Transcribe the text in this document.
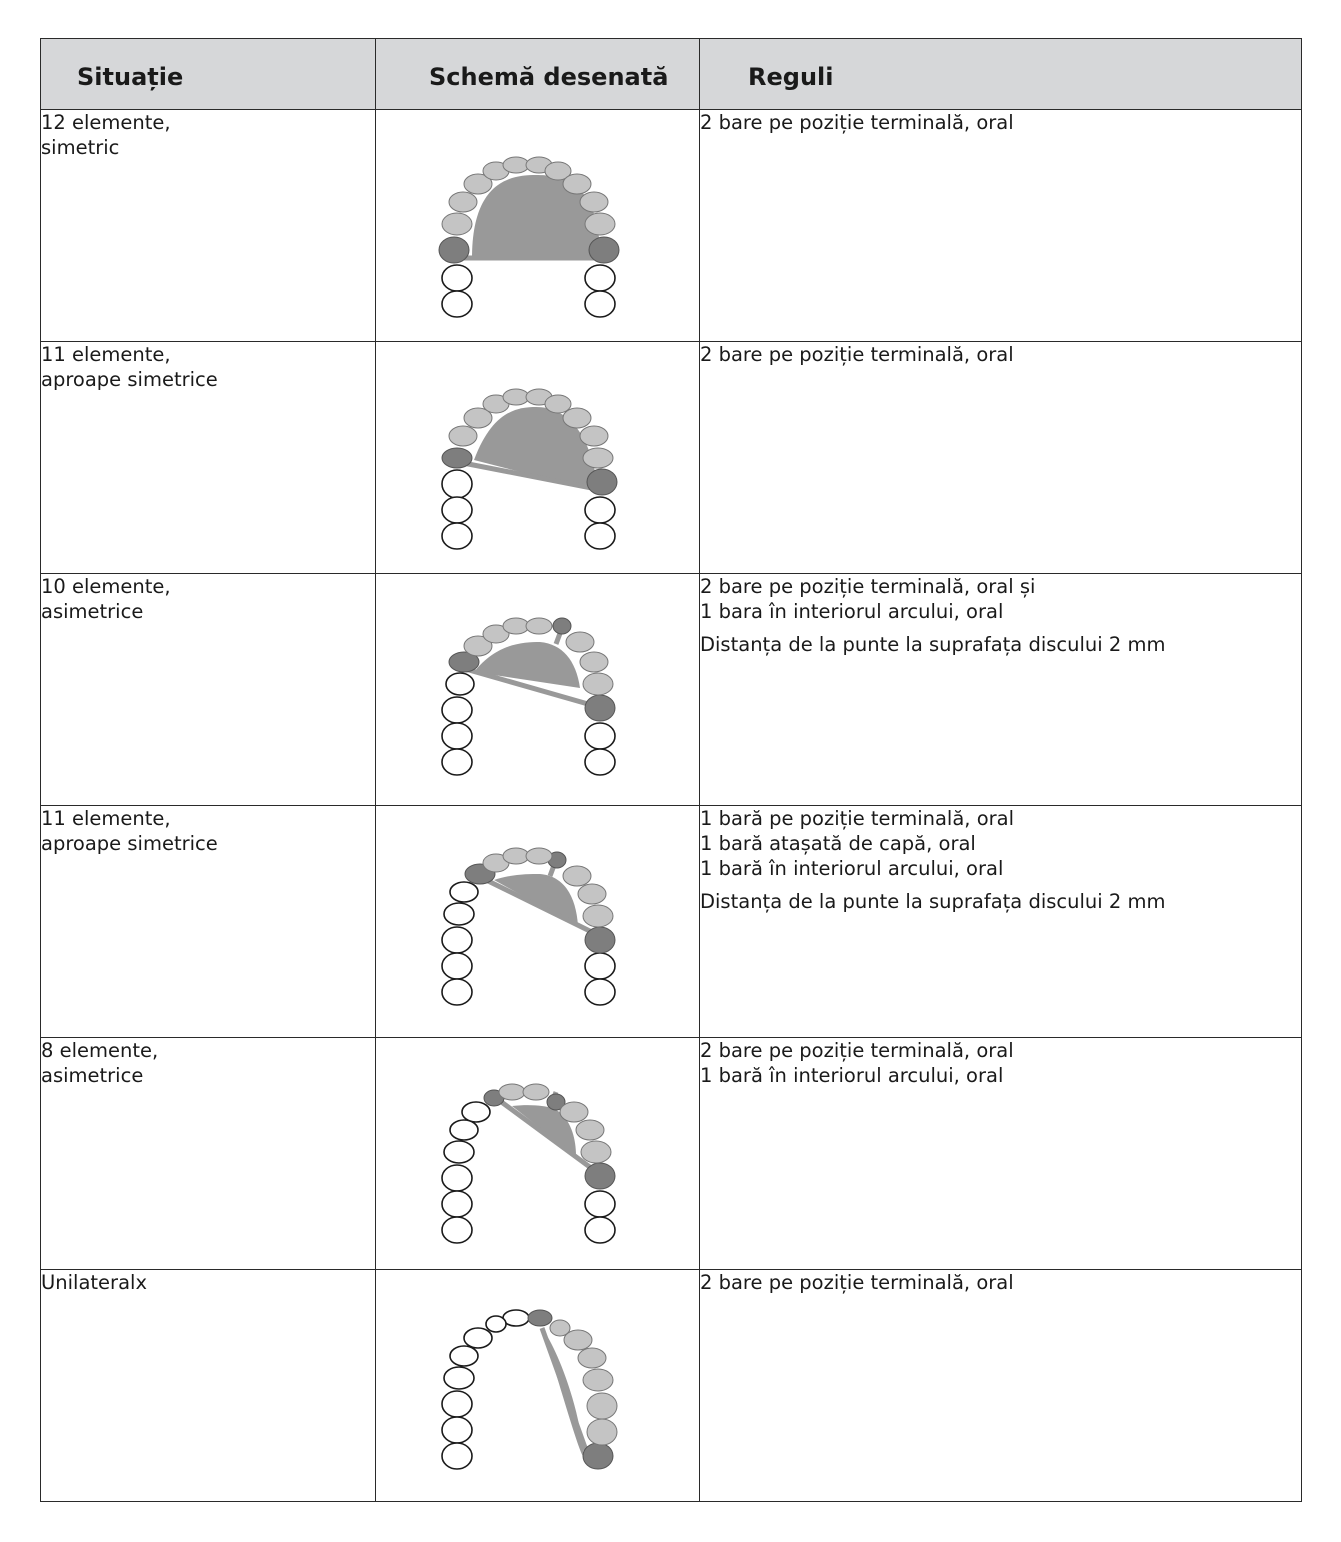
Situație	Schemă desenată	Reguli

12 elemente,
simetric		2 bare pe poziție terminală, oral

11 elemente,
aproape simetrice		2 bare pe poziție terminală, oral

10 elemente,
asimetrice		2 bare pe poziție terminală, oral și
1 bara în interiorul arcului, oral
Distanța de la punte la suprafața discului 2 mm

11 elemente,
aproape simetrice		1 bară pe poziție terminală, oral
1 bară atașată de capă, oral
1 bară în interiorul arcului, oral
Distanța de la punte la suprafața discului 2 mm

8 elemente,
asimetrice		2 bare pe poziție terminală, oral
1 bară în interiorul arcului, oral

Unilateralx		2 bare pe poziție terminală, oral
